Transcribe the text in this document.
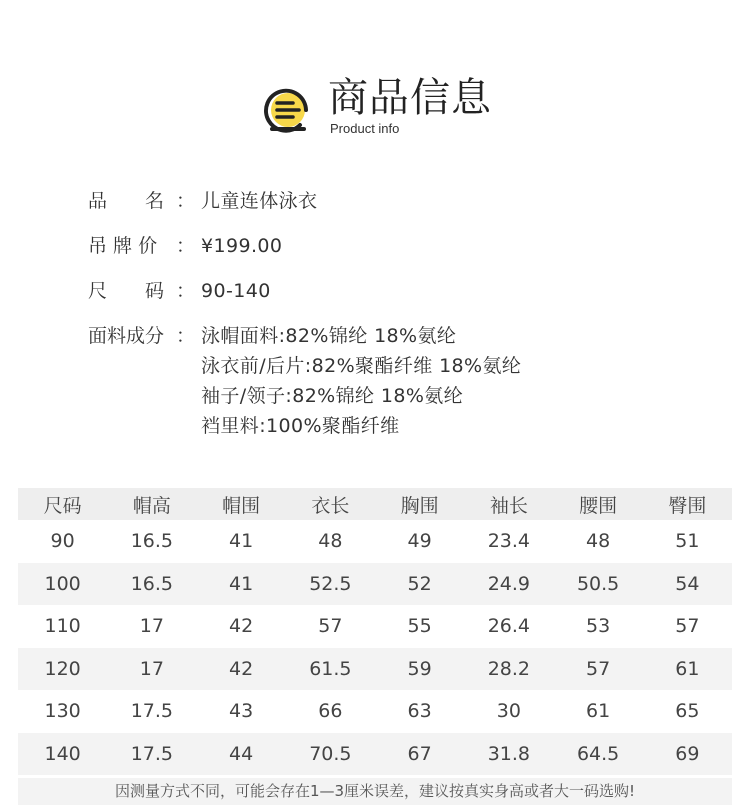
商品信息
Product info
品　　名 ： 儿童连体泳衣
吊 牌 价 ： ¥199.00
尺　　码 ： 90-140
面料成分 ： 泳帽面料:82%锦纶 18%氨纶
泳衣前/后片:82%聚酯纤维 18%氨纶
袖子/领子:82%锦纶 18%氨纶
裆里料:100%聚酯纤维
尺码	帽高	帽围	衣长	胸围	袖长	腰围	臀围
90	16.5	41	48	49	23.4	48	51
100	16.5	41	52.5	52	24.9	50.5	54
110	17	42	57	55	26.4	53	57
120	17	42	61.5	59	28.2	57	61
130	17.5	43	66	63	30	61	65
140	17.5	44	70.5	67	31.8	64.5	69
因测量方式不同，可能会存在1—3厘米误差，建议按真实身高或者大一码选购!
